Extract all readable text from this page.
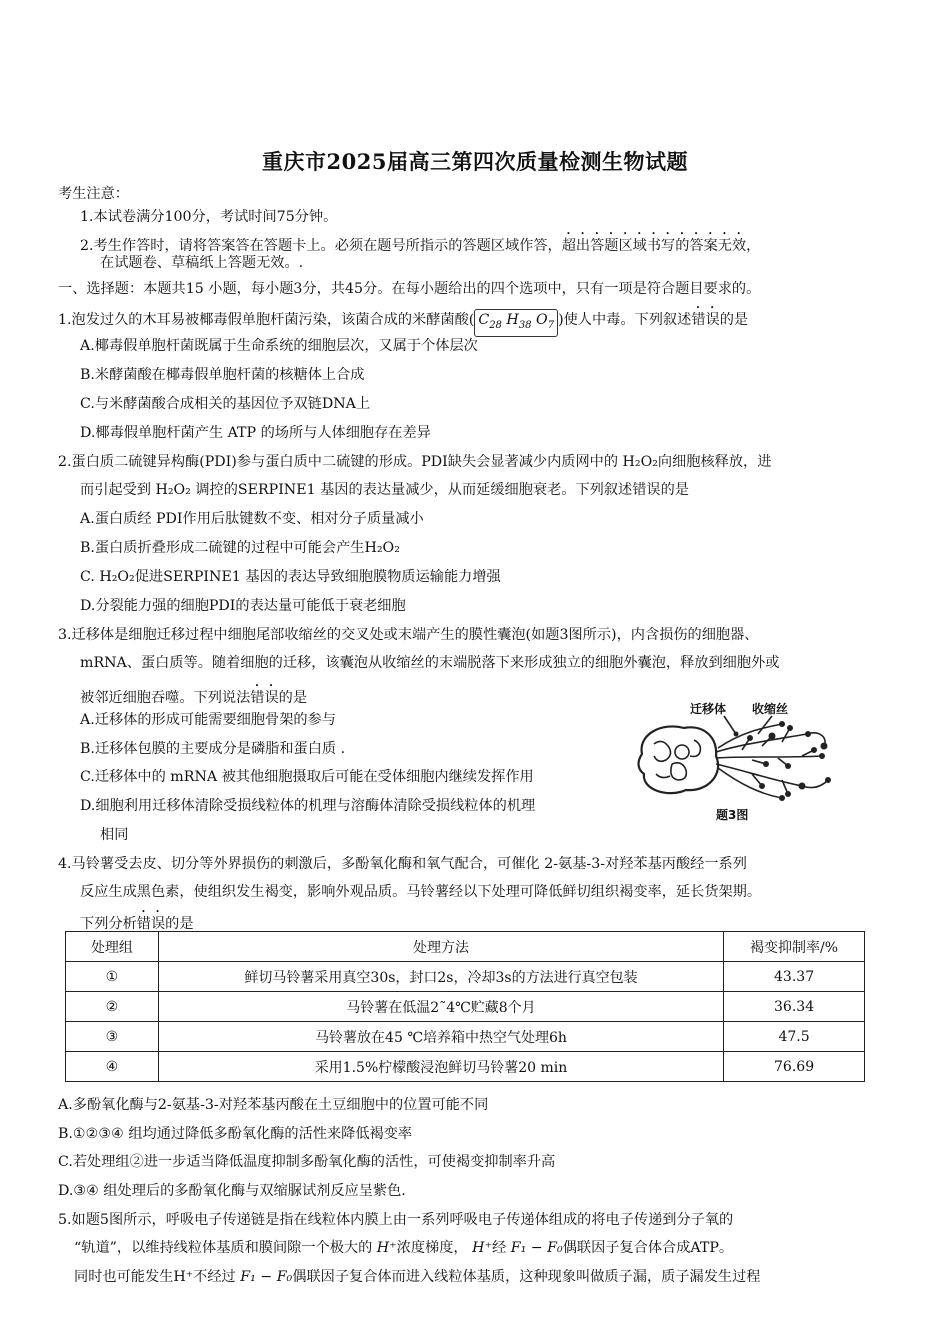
重庆市2025届高三第四次质量检测生物试题
考生注意：
1.本试卷满分100分，考试时间75分钟。
2.考生作答时，请将答案答在答题卡上。必须在题号所指示的答题区域作答，超出答题区域书写的答案无效，
在试题卷、草稿纸上答题无效。.
一、选择题：本题共15 小题，每小题3分，共45分。在每小题给出的四个选项中，只有一项是符合题目要求的。
1.泡发过久的木耳易被椰毒假单胞杆菌污染，该菌合成的米酵菌酸( $C_{28}$ $H_{38}$ $O_7$ )使人中毒。下列叙述错误的是
A.椰毒假单胞杆菌既属于生命系统的细胞层次，又属于个体层次
B.米酵菌酸在椰毒假单胞杆菌的核糖体上合成
C.与米酵菌酸合成相关的基因位予双链DNA上
D.椰毒假单胞杆菌产生 ATP 的场所与人体细胞存在差异
2.蛋白质二硫键异构酶(PDI)参与蛋白质中二硫键的形成。PDI缺失会显著减少内质网中的 H₂O₂向细胞核释放，进
而引起受到 H₂O₂ 调控的SERPINE1 基因的表达量减少，从而延缓细胞衰老。下列叙述错误的是
A.蛋白质经 PDI作用后肽键数不变、相对分子质量减小
B.蛋白质折叠形成二硫键的过程中可能会产生H₂O₂
C. H₂O₂促进SERPINE1 基因的表达导致细胞膜物质运输能力增强
D.分裂能力强的细胞PDI的表达量可能低于衰老细胞
3.迁移体是细胞迁移过程中细胞尾部收缩丝的交叉处或末端产生的膜性囊泡(如题3图所示)，内含损伤的细胞器、
mRNA、蛋白质等。随着细胞的迁移，该囊泡从收缩丝的末端脱落下来形成独立的细胞外囊泡，释放到细胞外或
被邻近细胞吞噬。下列说法错误的是
A.迁移体的形成可能需要细胞骨架的参与
B.迁移体包膜的主要成分是磷脂和蛋白质 .
C.迁移体中的 mRNA 被其他细胞摄取后可能在受体细胞内继续发挥作用
D.细胞利用迁移体清除受损线粒体的机理与溶酶体清除受损线粒体的机理
相同
迁移体 收缩丝
题3图
4.马铃薯受去皮、切分等外界损伤的刺激后，多酚氧化酶和氧气配合，可催化 2-氨基-3-对羟苯基丙酸经一系列
反应生成黑色素，使组织发生褐变，影响外观品质。马铃薯经以下处理可降低鲜切组织褐变率，延长货架期。
下列分析错误的是
处理组	处理方法	褐变抑制率/%
①	鲜切马铃薯采用真空30s，封口2s，冷却3s的方法进行真空包装	43.37
②	马铃薯在低温2˜4℃贮藏8个月	36.34
③	马铃薯放在45 ℃培养箱中热空气处理6h	47.5
④	采用1.5%柠檬酸浸泡鲜切马铃薯20 min	76.69
A.多酚氧化酶与2-氨基-3-对羟苯基丙酸在土豆细胞中的位置可能不同
B.①②③④ 组均通过降低多酚氧化酶的活性来降低褐变率
C.若处理组②进一步适当降低温度抑制多酚氧化酶的活性，可使褐变抑制率升高
D.③④ 组处理后的多酚氧化酶与双缩脲试剂反应呈紫色.
5.如题5图所示，呼吸电子传递链是指在线粒体内膜上由一系列呼吸电子传递体组成的将电子传递到分子氧的
“轨道”，以维持线粒体基质和膜间隙一个极大的 H⁺浓度梯度， H⁺经 F₁ − F₀偶联因子复合体合成ATP。
同时也可能发生H⁺不经过 F₁ − F₀偶联因子复合体而进入线粒体基质，这种现象叫做质子漏，质子漏发生过程
